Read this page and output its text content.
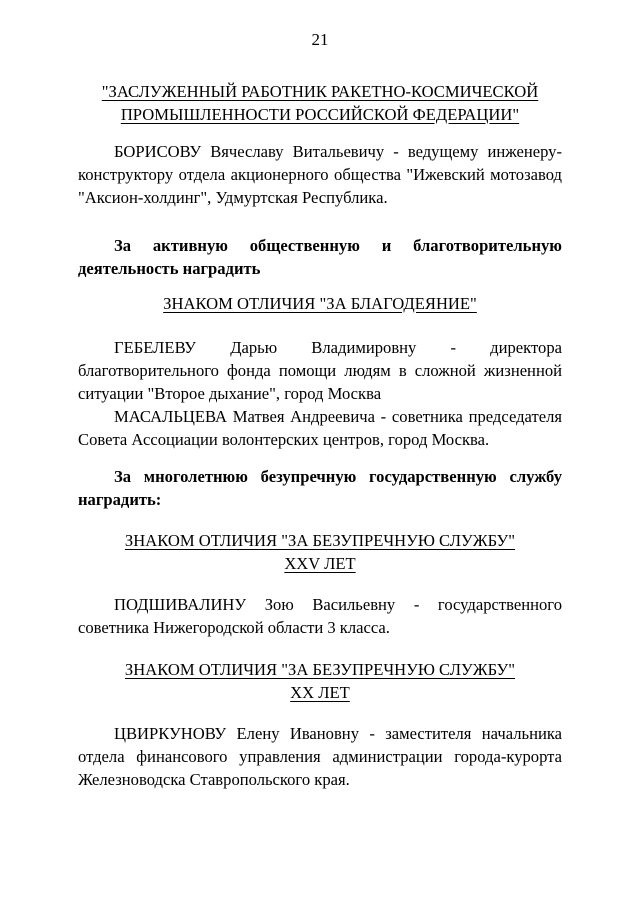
21
"ЗАСЛУЖЕННЫЙ РАБОТНИК РАКЕТНО-КОСМИЧЕСКОЙ
ПРОМЫШЛЕННОСТИ РОССИЙСКОЙ ФЕДЕРАЦИИ"
БОРИСОВУ Вячеславу Витальевичу - ведущему инженеру-конструктору отдела акционерного общества "Ижевский мотозавод "Аксион-холдинг", Удмуртская Республика.
За активную общественную и благотворительную деятельность наградить
ЗНАКОМ ОТЛИЧИЯ "ЗА БЛАГОДЕЯНИЕ"
ГЕБЕЛЕВУ Дарью Владимировну - директора благотворительного фонда помощи людям в сложной жизненной ситуации "Второе дыхание", город Москва
МАСАЛЬЦЕВА Матвея Андреевича - советника председателя Совета Ассоциации волонтерских центров, город Москва.
За многолетнюю безупречную государственную службу наградить:
ЗНАКОМ ОТЛИЧИЯ "ЗА БЕЗУПРЕЧНУЮ СЛУЖБУ"
XXV ЛЕТ
ПОДШИВАЛИНУ Зою Васильевну - государственного советника Нижегородской области 3 класса.
ЗНАКОМ ОТЛИЧИЯ "ЗА БЕЗУПРЕЧНУЮ СЛУЖБУ"
XX ЛЕТ
ЦВИРКУНОВУ Елену Ивановну - заместителя начальника отдела финансового управления администрации города-курорта Железноводска Ставропольского края.
